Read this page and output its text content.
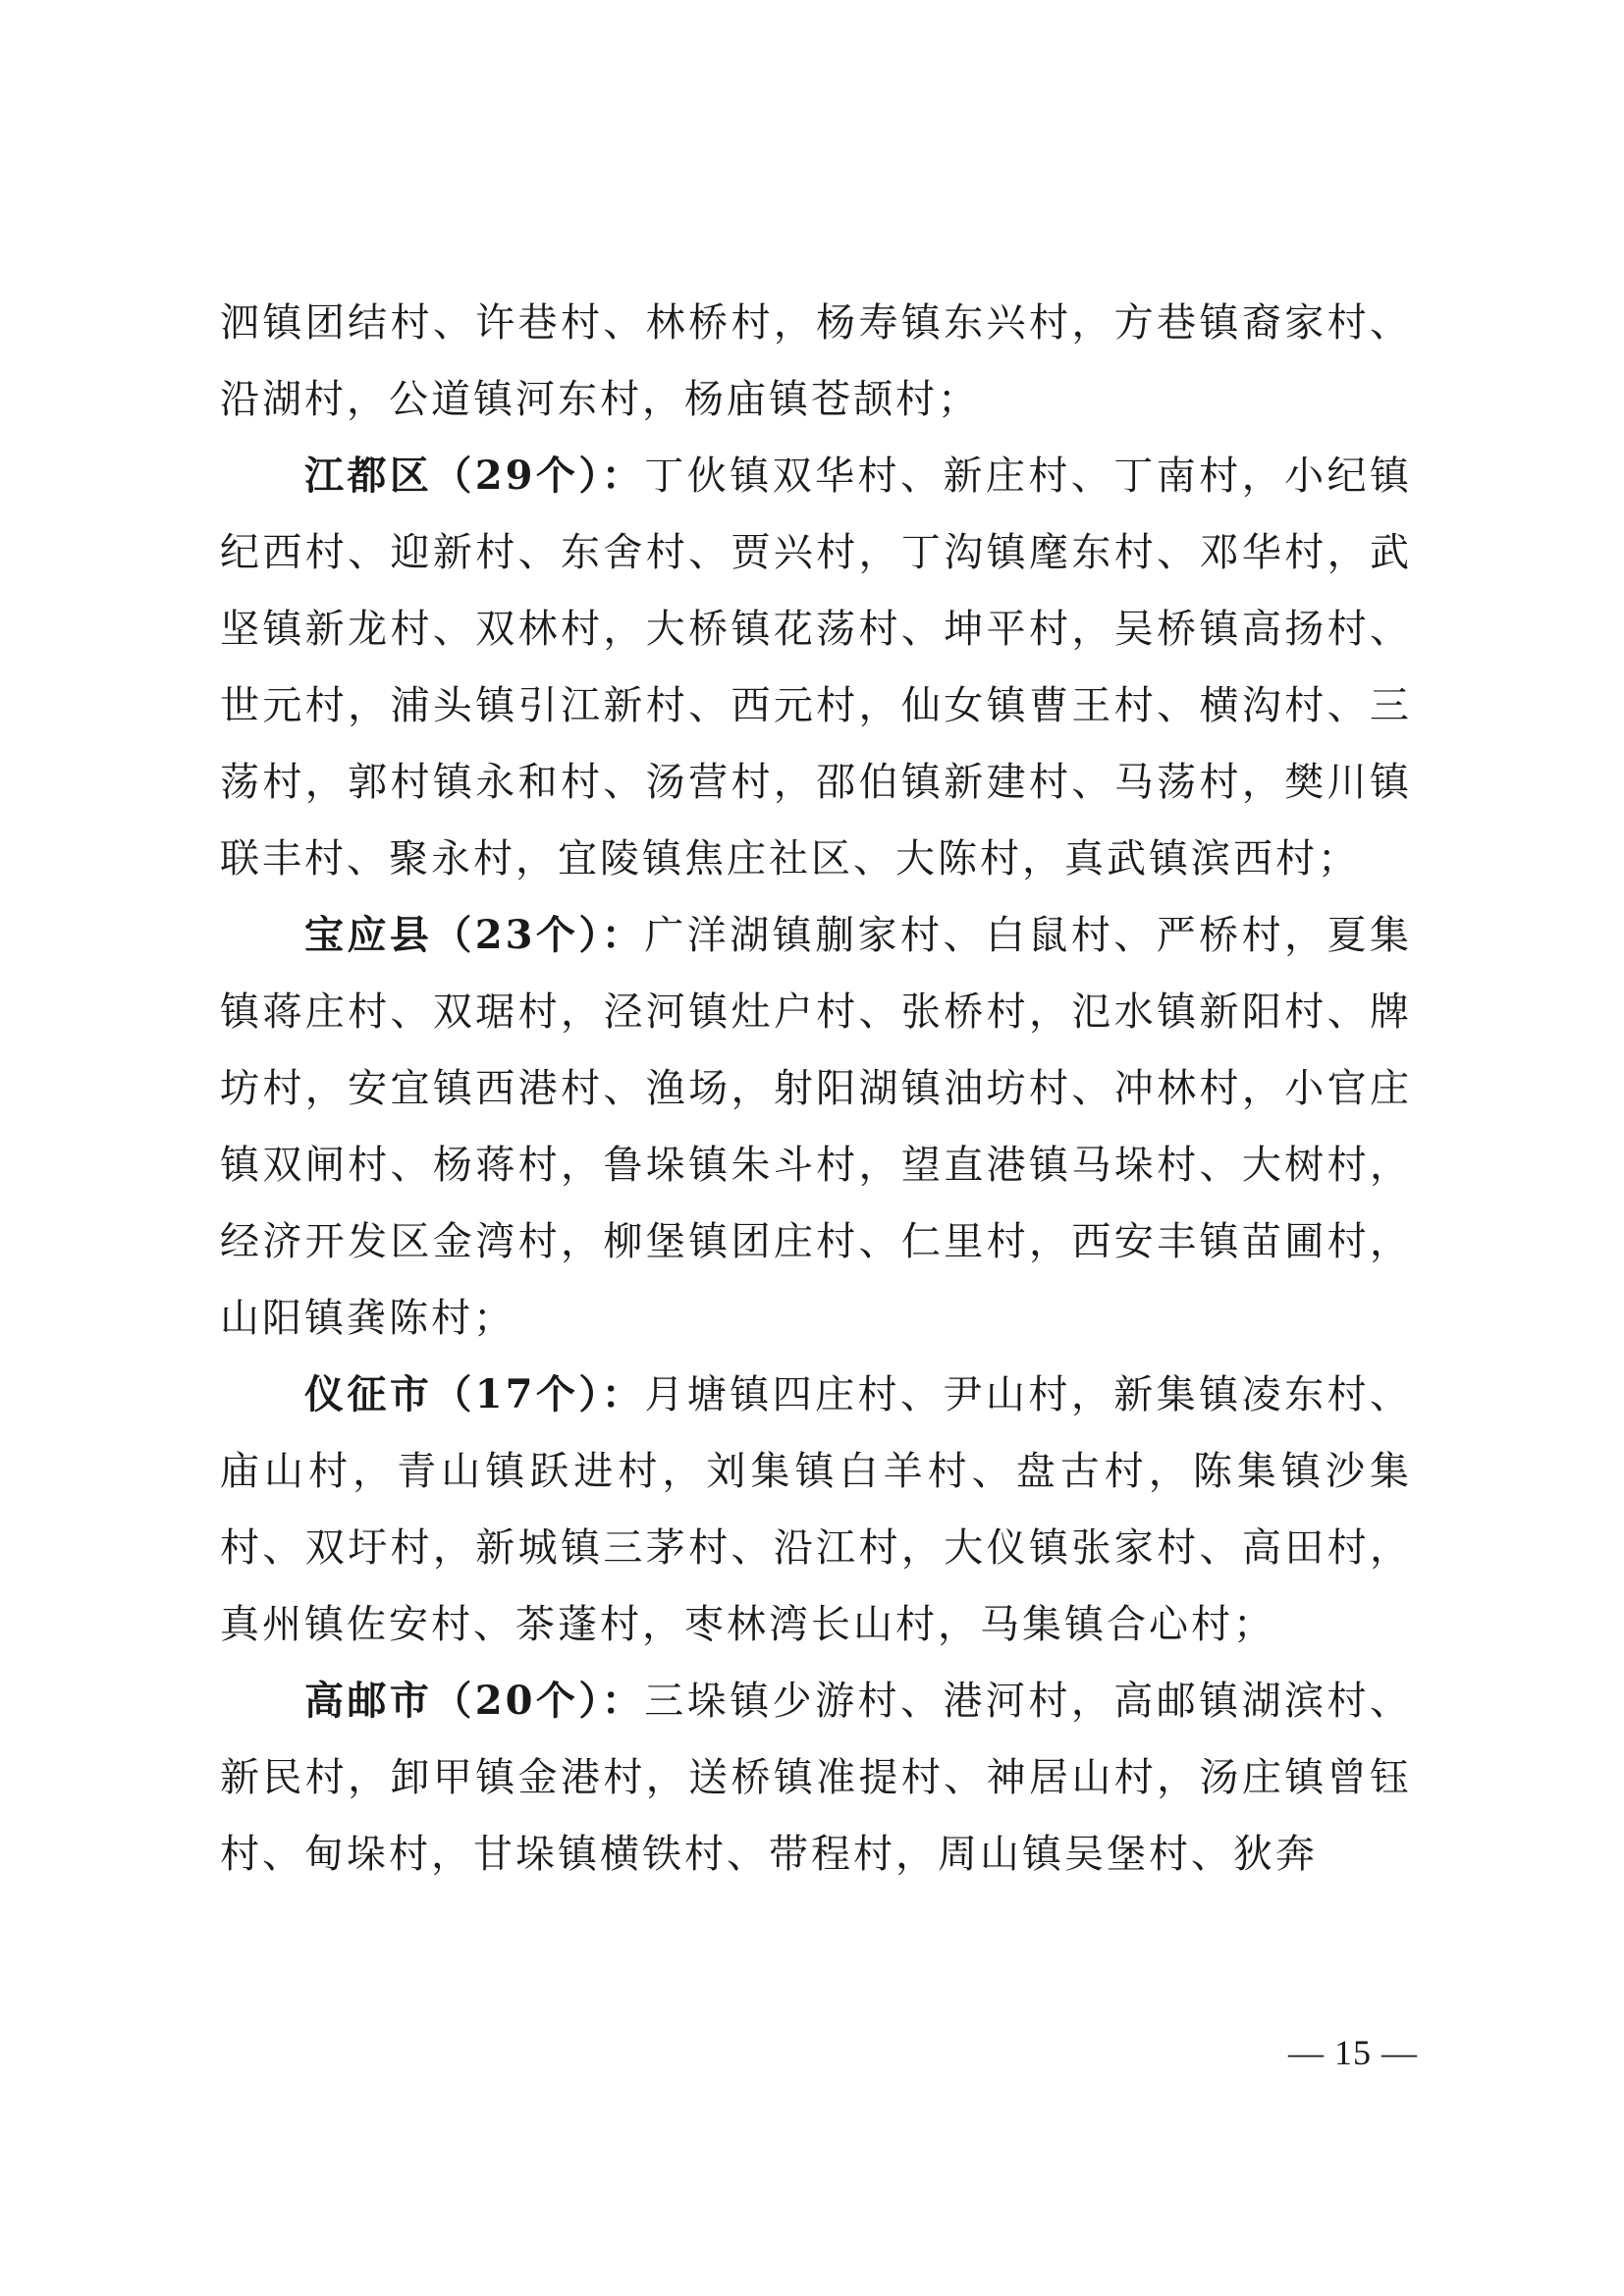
泗镇团结村、许巷村、林桥村，杨寿镇东兴村，方巷镇裔家村、沿湖村，公道镇河东村，杨庙镇苍颉村；

江都区（29个）：丁伙镇双华村、新庄村、丁南村，小纪镇纪西村、迎新村、东舍村、贾兴村，丁沟镇麾东村、邓华村，武坚镇新龙村、双林村，大桥镇花荡村、坤平村，吴桥镇高扬村、世元村，浦头镇引江新村、西元村，仙女镇曹王村、横沟村、三荡村，郭村镇永和村、汤营村，邵伯镇新建村、马荡村，樊川镇联丰村、聚永村，宜陵镇焦庄社区、大陈村，真武镇滨西村；

宝应县（23个）：广洋湖镇蒯家村、白鼠村、严桥村，夏集镇蒋庄村、双琚村，泾河镇灶户村、张桥村，氾水镇新阳村、牌坊村，安宜镇西港村、渔场，射阳湖镇油坊村、冲林村，小官庄镇双闸村、杨蒋村，鲁垛镇朱斗村，望直港镇马垛村、大树村，经济开发区金湾村，柳堡镇团庄村、仁里村，西安丰镇苗圃村，山阳镇龚陈村；

仪征市（17个）：月塘镇四庄村、尹山村，新集镇凌东村、庙山村，青山镇跃进村，刘集镇白羊村、盘古村，陈集镇沙集村、双圩村，新城镇三茅村、沿江村，大仪镇张家村、高田村，真州镇佐安村、茶蓬村，枣林湾长山村，马集镇合心村；

高邮市（20个）：三垛镇少游村、港河村，高邮镇湖滨村、新民村，卸甲镇金港村，送桥镇准提村、神居山村，汤庄镇曾钰村、甸垛村，甘垛镇横铁村、带程村，周山镇吴堡村、狄奔

— 15 —
